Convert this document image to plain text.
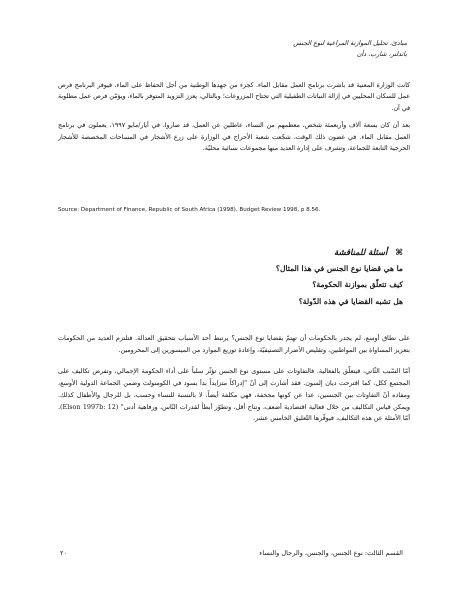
مبادئ، تحليل الموازنة المراعية لنوع الجنس
باندلنر، شارب، دأن

كانت الوزارة المعنية قد باشرت برنامج العمل مقابل الماء. كجزء من جهدها الوطنية من أجل الحفاظ على الماء، فيوفر البرنامج فرص عمل للسكان المحليين في إزالة النباتات الطفيلية التي تجتاح المزروعات؛ وبالتالي، يعزز التزويد المتوفر بالماء، ويؤمّن فرص عمل مطلوبة في آن.

بعد أن كان بسعة آلاف وأربعمئة شخص، معظمهم من النساء، عاطلين عن العمل، قد صاروا، في أيار/مايو ١٩٩٧، يعملون في برنامج العمل مقابل الماء. في غضون ذلك الوقت، شجّعت شعبة الأحراج في الوزارة على زرع الأشجار في المساحات المخصصة للأشجار الحرجية التابعة للجماعة، وتشرف على إدارة العديد منها مجموعات نسائية محليّة.

Source: Department of Finance, Republic of South Africa (1998), Budget Review 1998, p 8.56.
⌘ أسئلة للمناقشة
ما هي قضايا نوع الجنس في هذا المثال؟
كيف تتعلّق بموازنة الحكومة؟
هل تشبه القضايا في هذه الدّولة؟

على نطاق أوسع، لم يجدر بالحكومات أن تهتمّ بقضايا نوع الجنس؟ يرتبط أحد الأسباب بتحقيق العدالة. فتلتزم العديد من الحكومات بتعزيز المساواة بين المواطنين، وتقليص الأضرار التصنيفيّة، وإعادة توزيع الموارد من الميسورين إلى المحرومين.

أمّا السّبب الثّاني، فيتعلّق بالفعالية. فالتفاوتات على مستوى نوع الجنس تؤثّر سلباً على أداء الحكومة الإجمالي، وتفرض تكاليف على المجتمع ككل، كما اقترحت ديان إلسون. فقد أشارت إلى أنّ "إدراكاً متزايداً بدأ يسود في الكومنولث وضمن الجماعة الدولية الأوسع، ومفاده أنّ التفاوتات بين الجنسين، عدا عن كونها مجحفة، فهي مكلفة أيضاً، لا بالنسبة للنساء وحسب، بل للرجال والأطفال كذلك. ويمكن قياس التكاليف من خلال فعالية اقتصادية أضعف، ونتاج أقل، وتطوّر أبطأ لقدرات النّاس، ورفاهية أدنى" (Elson 1997b: 12). أمّا الأمثلة عن هذه التكاليف، فيوفّرها التّعليق الخامس عشر.

٢٠	القسم الثالث: نوع الجنس، والجنس، والرجال والنساء
